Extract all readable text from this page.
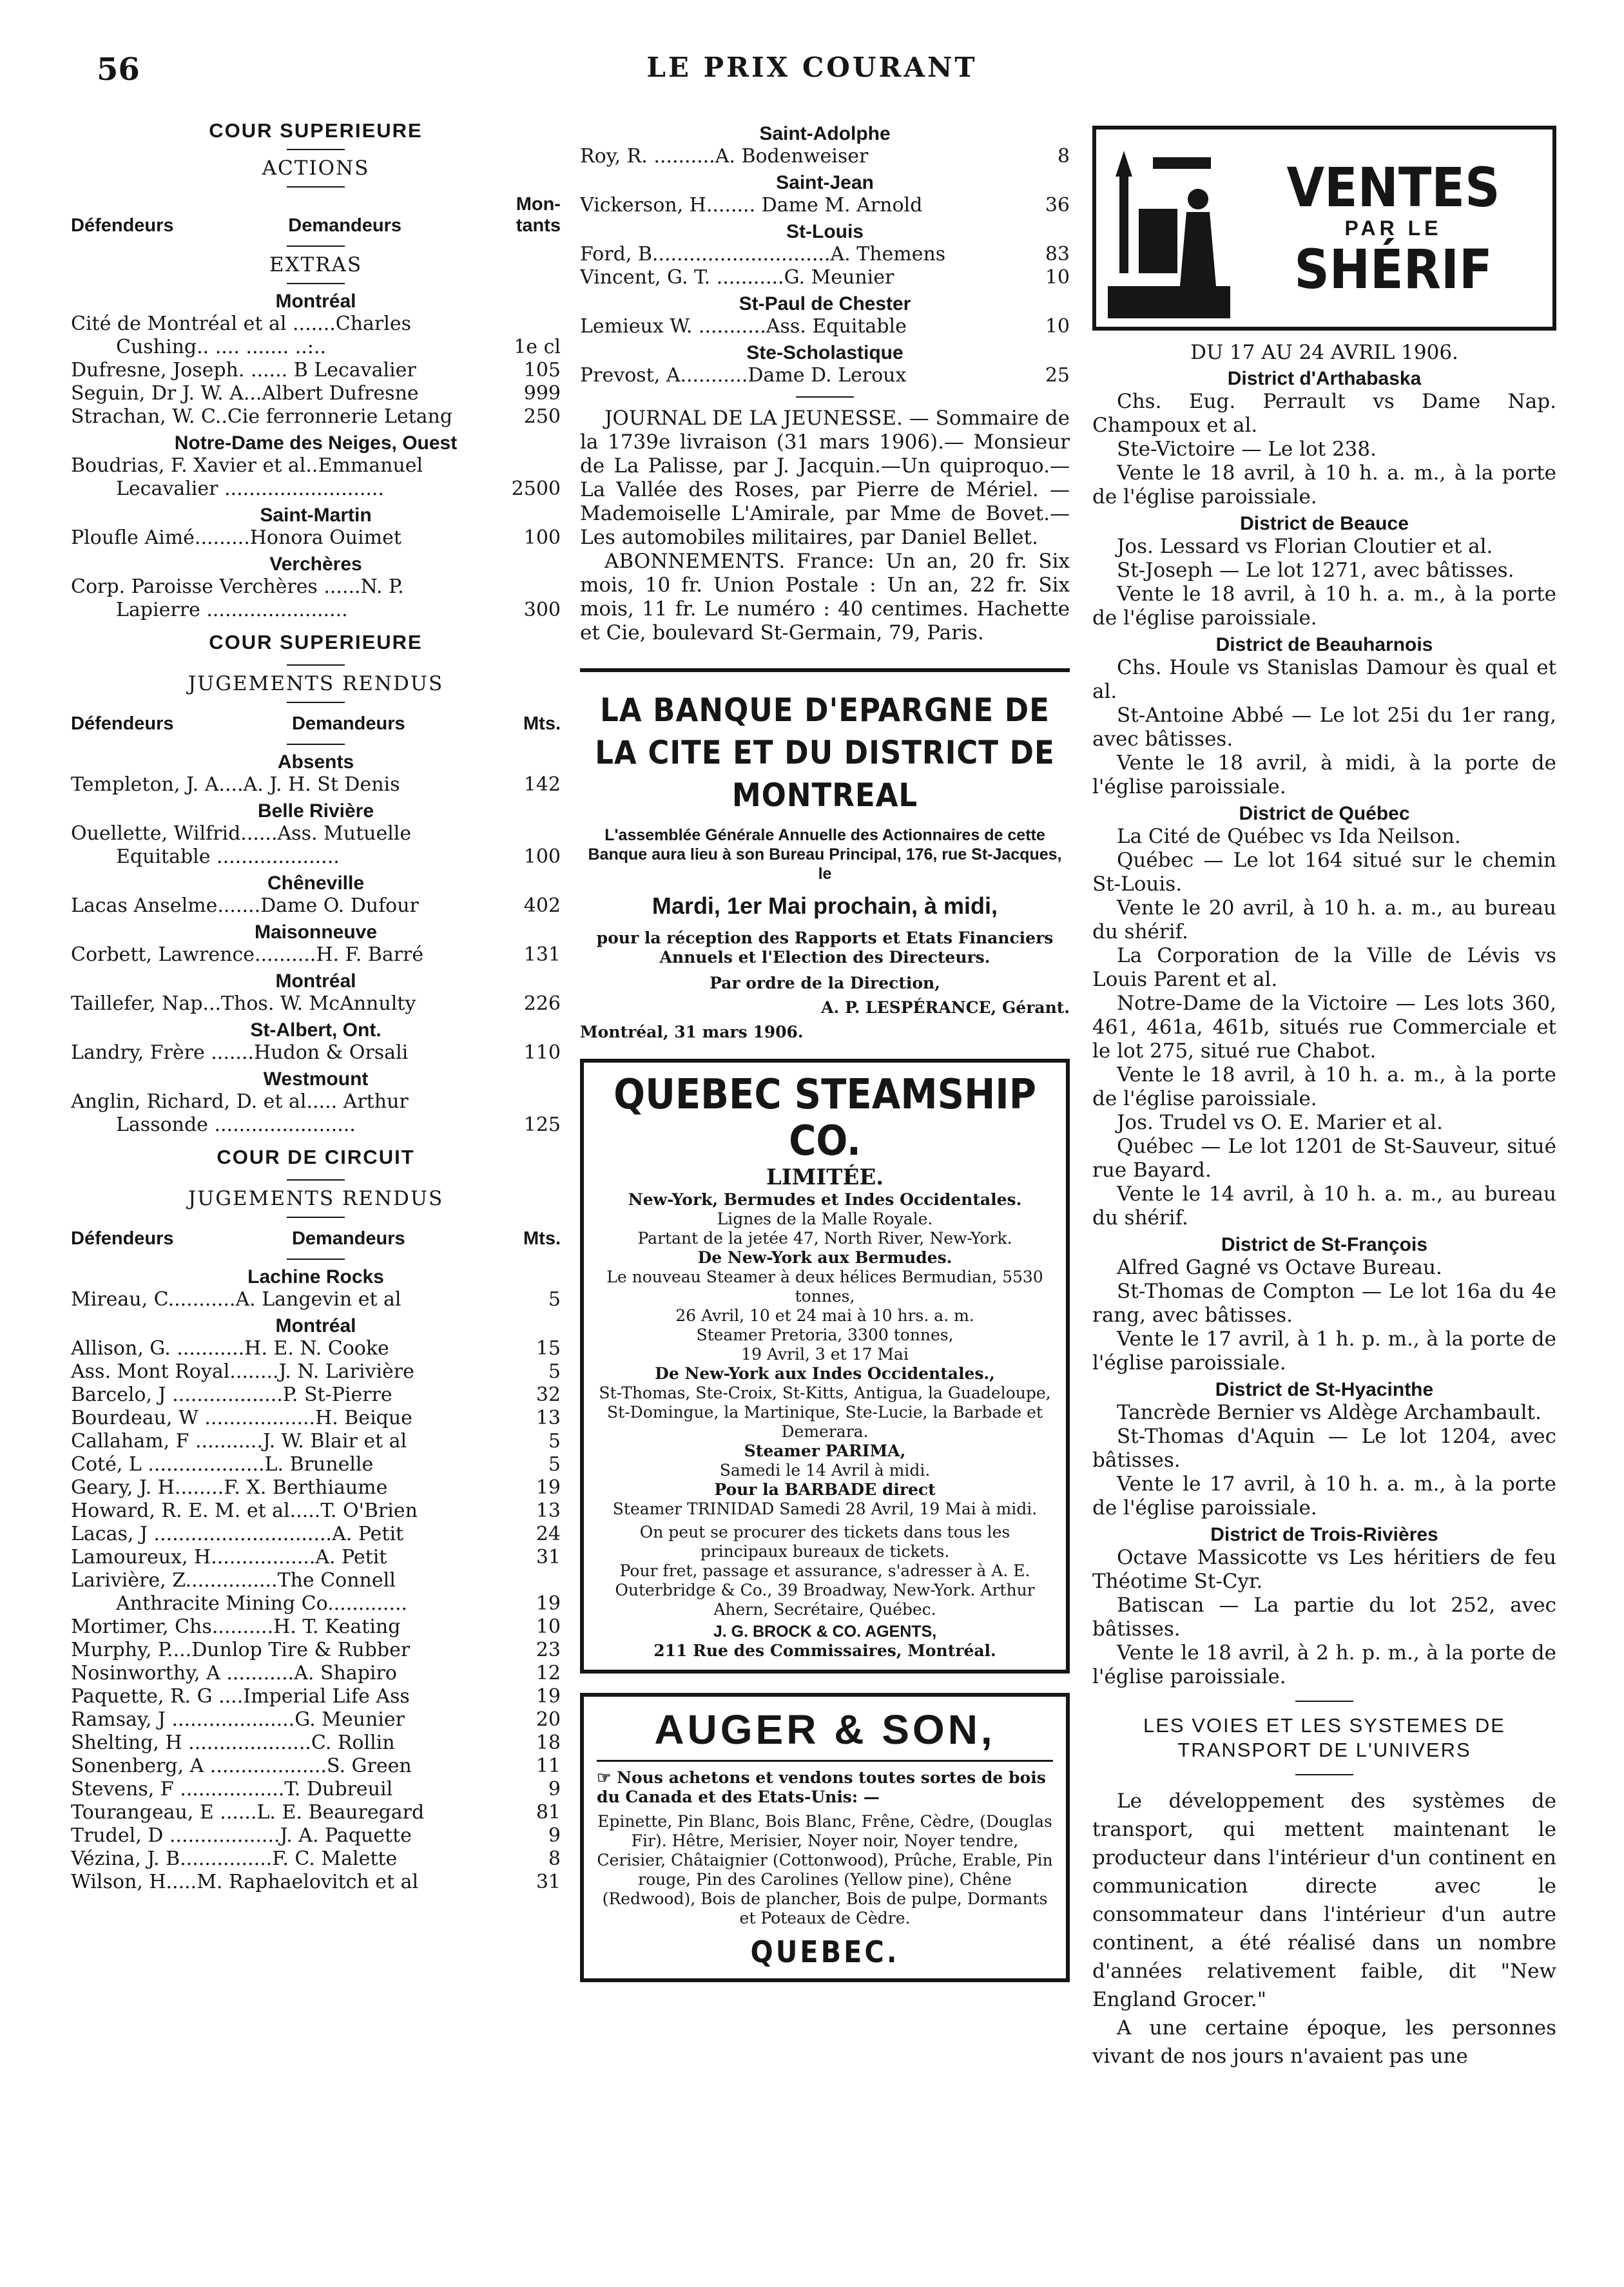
56	LE PRIX COURANT
COUR SUPERIEURE
ACTIONS
Défendeurs	Demandeurs
Mon-
tants
EXTRAS
Montréal
Cité de Montréal et al .......Charles
Cushing.. .... ....... ..:..	1e cl
Dufresne, Joseph. ...... B Lecavalier	105
Seguin, Dr J. W. A...Albert Dufresne	999
Strachan, W. C..Cie ferronnerie Letang	250
Notre-Dame des Neiges, Ouest
Boudrias, F. Xavier et al..Emmanuel
Lecavalier ..........................	2500
Saint-Martin
Ploufle Aimé.........Honora Ouimet	100
Verchères
Corp. Paroisse Verchères ......N. P.
Lapierre .......................	300
COUR SUPERIEURE
JUGEMENTS RENDUS
Défendeurs	Demandeurs	Mts.
Absents
Templeton, J. A....A. J. H. St Denis	142
Belle Rivière
Ouellette, Wilfrid......Ass. Mutuelle
Equitable ....................	100
Chêneville
Lacas Anselme.......Dame O. Dufour	402
Maisonneuve
Corbett, Lawrence..........H. F. Barré	131
Montréal
Taillefer, Nap...Thos. W. McAnnulty	226
St-Albert, Ont.
Landry, Frère .......Hudon & Orsali	110
Westmount
Anglin, Richard, D. et al..... Arthur
Lassonde .......................	125
COUR DE CIRCUIT
JUGEMENTS RENDUS
Défendeurs	Demandeurs	Mts.
Lachine Rocks
Mireau, C...........A. Langevin et al	5
Montréal
Allison, G. ...........H. E. N. Cooke	15
Ass. Mont Royal........J. N. Larivière	5
Barcelo, J ..................P. St-Pierre	32
Bourdeau, W ..................H. Beique	13
Callaham, F ...........J. W. Blair et al	5
Coté, L ...................L. Brunelle	5
Geary, J. H........F. X. Berthiaume	19
Howard, R. E. M. et al.....T. O'Brien	13
Lacas, J .............................A. Petit	24
Lamoureux, H.................A. Petit	31
Larivière, Z...............The Connell
Anthracite Mining Co.............	19
Mortimer, Chs..........H. T. Keating	10
Murphy, P....Dunlop Tire & Rubber	23
Nosinworthy, A ...........A. Shapiro	12
Paquette, R. G ....Imperial Life Ass	19
Ramsay, J ....................G. Meunier	20
Shelting, H ....................C. Rollin	18
Sonenberg, A ...................S. Green	11
Stevens, F .................T. Dubreuil	9
Tourangeau, E ......L. E. Beauregard	81
Trudel, D ..................J. A. Paquette	9
Vézina, J. B...............F. C. Malette	8
Wilson, H.....M. Raphaelovitch et al	31
Saint-Adolphe
Roy, R. ..........A. Bodenweiser	8
Saint-Jean
Vickerson, H........ Dame M. Arnold	36
St-Louis
Ford, B.............................A. Themens	83
Vincent, G. T. ...........G. Meunier	10
St-Paul de Chester
Lemieux W. ...........Ass. Equitable	10
Ste-Scholastique
Prevost, A...........Dame D. Leroux	25
JOURNAL DE LA JEUNESSE. — Sommaire de la 1739e livraison (31 mars 1906).— Monsieur de La Palisse, par J. Jacquin.—Un quiproquo.—La Vallée des Roses, par Pierre de Mériel. — Mademoiselle L'Amirale, par Mme de Bovet.— Les automobiles militaires, par Daniel Bellet.
ABONNEMENTS. France: Un an, 20 fr. Six mois, 10 fr. Union Postale : Un an, 22 fr. Six mois, 11 fr. Le numéro : 40 centimes. Hachette et Cie, boulevard St-Germain, 79, Paris.
LA BANQUE D'EPARGNE DE LA CITE ET DU DISTRICT DE MONTREAL
L'assemblée Générale Annuelle des Actionnaires de cette Banque aura lieu à son Bureau Principal, 176, rue St-Jacques, le
Mardi, 1er Mai prochain, à midi,
pour la réception des Rapports et Etats Financiers Annuels et l'Election des Directeurs.
Par ordre de la Direction,
A. P. LESPÉRANCE, Gérant.
Montréal, 31 mars 1906.
QUEBEC STEAMSHIP CO.
LIMITÉE.
New-York, Bermudes et Indes Occidentales.
Lignes de la Malle Royale.
Partant de la jetée 47, North River, New-York.
De New-York aux Bermudes.
Le nouveau Steamer à deux hélices Bermudian, 5530 tonnes,
26 Avril, 10 et 24 mai à 10 hrs. a. m.
Steamer Pretoria, 3300 tonnes,
19 Avril, 3 et 17 Mai
De New-York aux Indes Occidentales.,
St-Thomas, Ste-Croix, St-Kitts, Antigua, la Guadeloupe, St-Domingue, la Martinique, Ste-Lucie, la Barbade et Demerara.
Steamer PARIMA,
Samedi le 14 Avril à midi.
Pour la BARBADE direct
Steamer TRINIDAD Samedi 28 Avril, 19 Mai à midi.
On peut se procurer des tickets dans tous les principaux bureaux de tickets.
Pour fret, passage et assurance, s'adresser à A. E. Outerbridge & Co., 39 Broadway, New-York. Arthur Ahern, Secrétaire, Québec.
J. G. BROCK & CO. AGENTS,
211 Rue des Commissaires, Montréal.
AUGER & SON,
☞ Nous achetons et vendons toutes sortes de bois du Canada et des Etats-Unis: —
Epinette, Pin Blanc, Bois Blanc, Frêne, Cèdre, (Douglas Fir). Hêtre, Merisier, Noyer noir, Noyer tendre, Cerisier, Châtaignier (Cottonwood), Prûche, Erable, Pin rouge, Pin des Carolines (Yellow pine), Chêne (Redwood), Bois de plancher, Bois de pulpe, Dormants et Poteaux de Cèdre.
QUEBEC.
VENTES
PAR LE
SHÉRIF
DU 17 AU 24 AVRIL 1906.
District d'Arthabaska
Chs. Eug. Perrault vs Dame Nap. Champoux et al.
Ste-Victoire — Le lot 238.
Vente le 18 avril, à 10 h. a. m., à la porte de l'église paroissiale.
District de Beauce
Jos. Lessard vs Florian Cloutier et al.
St-Joseph — Le lot 1271, avec bâtisses.
Vente le 18 avril, à 10 h. a. m., à la porte de l'église paroissiale.
District de Beauharnois
Chs. Houle vs Stanislas Damour ès qual et al.
St-Antoine Abbé — Le lot 25i du 1er rang, avec bâtisses.
Vente le 18 avril, à midi, à la porte de l'église paroissiale.
District de Québec
La Cité de Québec vs Ida Neilson.
Québec — Le lot 164 situé sur le chemin St-Louis.
Vente le 20 avril, à 10 h. a. m., au bureau du shérif.
La Corporation de la Ville de Lévis vs Louis Parent et al.
Notre-Dame de la Victoire — Les lots 360, 461, 461a, 461b, situés rue Commerciale et le lot 275, situé rue Chabot.
Vente le 18 avril, à 10 h. a. m., à la porte de l'église paroissiale.
Jos. Trudel vs O. E. Marier et al.
Québec — Le lot 1201 de St-Sauveur, situé rue Bayard.
Vente le 14 avril, à 10 h. a. m., au bureau du shérif.
District de St-François
Alfred Gagné vs Octave Bureau.
St-Thomas de Compton — Le lot 16a du 4e rang, avec bâtisses.
Vente le 17 avril, à 1 h. p. m., à la porte de l'église paroissiale.
District de St-Hyacinthe
Tancrède Bernier vs Aldège Archambault.
St-Thomas d'Aquin — Le lot 1204, avec bâtisses.
Vente le 17 avril, à 10 h. a. m., à la porte de l'église paroissiale.
District de Trois-Rivières
Octave Massicotte vs Les héritiers de feu Théotime St-Cyr.
Batiscan — La partie du lot 252, avec bâtisses.
Vente le 18 avril, à 2 h. p. m., à la porte de l'église paroissiale.
LES VOIES ET LES SYSTEMES DE TRANSPORT DE L'UNIVERS
Le développement des systèmes de transport, qui mettent maintenant le producteur dans l'intérieur d'un continent en communication directe avec le consommateur dans l'intérieur d'un autre continent, a été réalisé dans un nombre d'années relativement faible, dit "New England Grocer."
A une certaine époque, les personnes vivant de nos jours n'avaient pas une
